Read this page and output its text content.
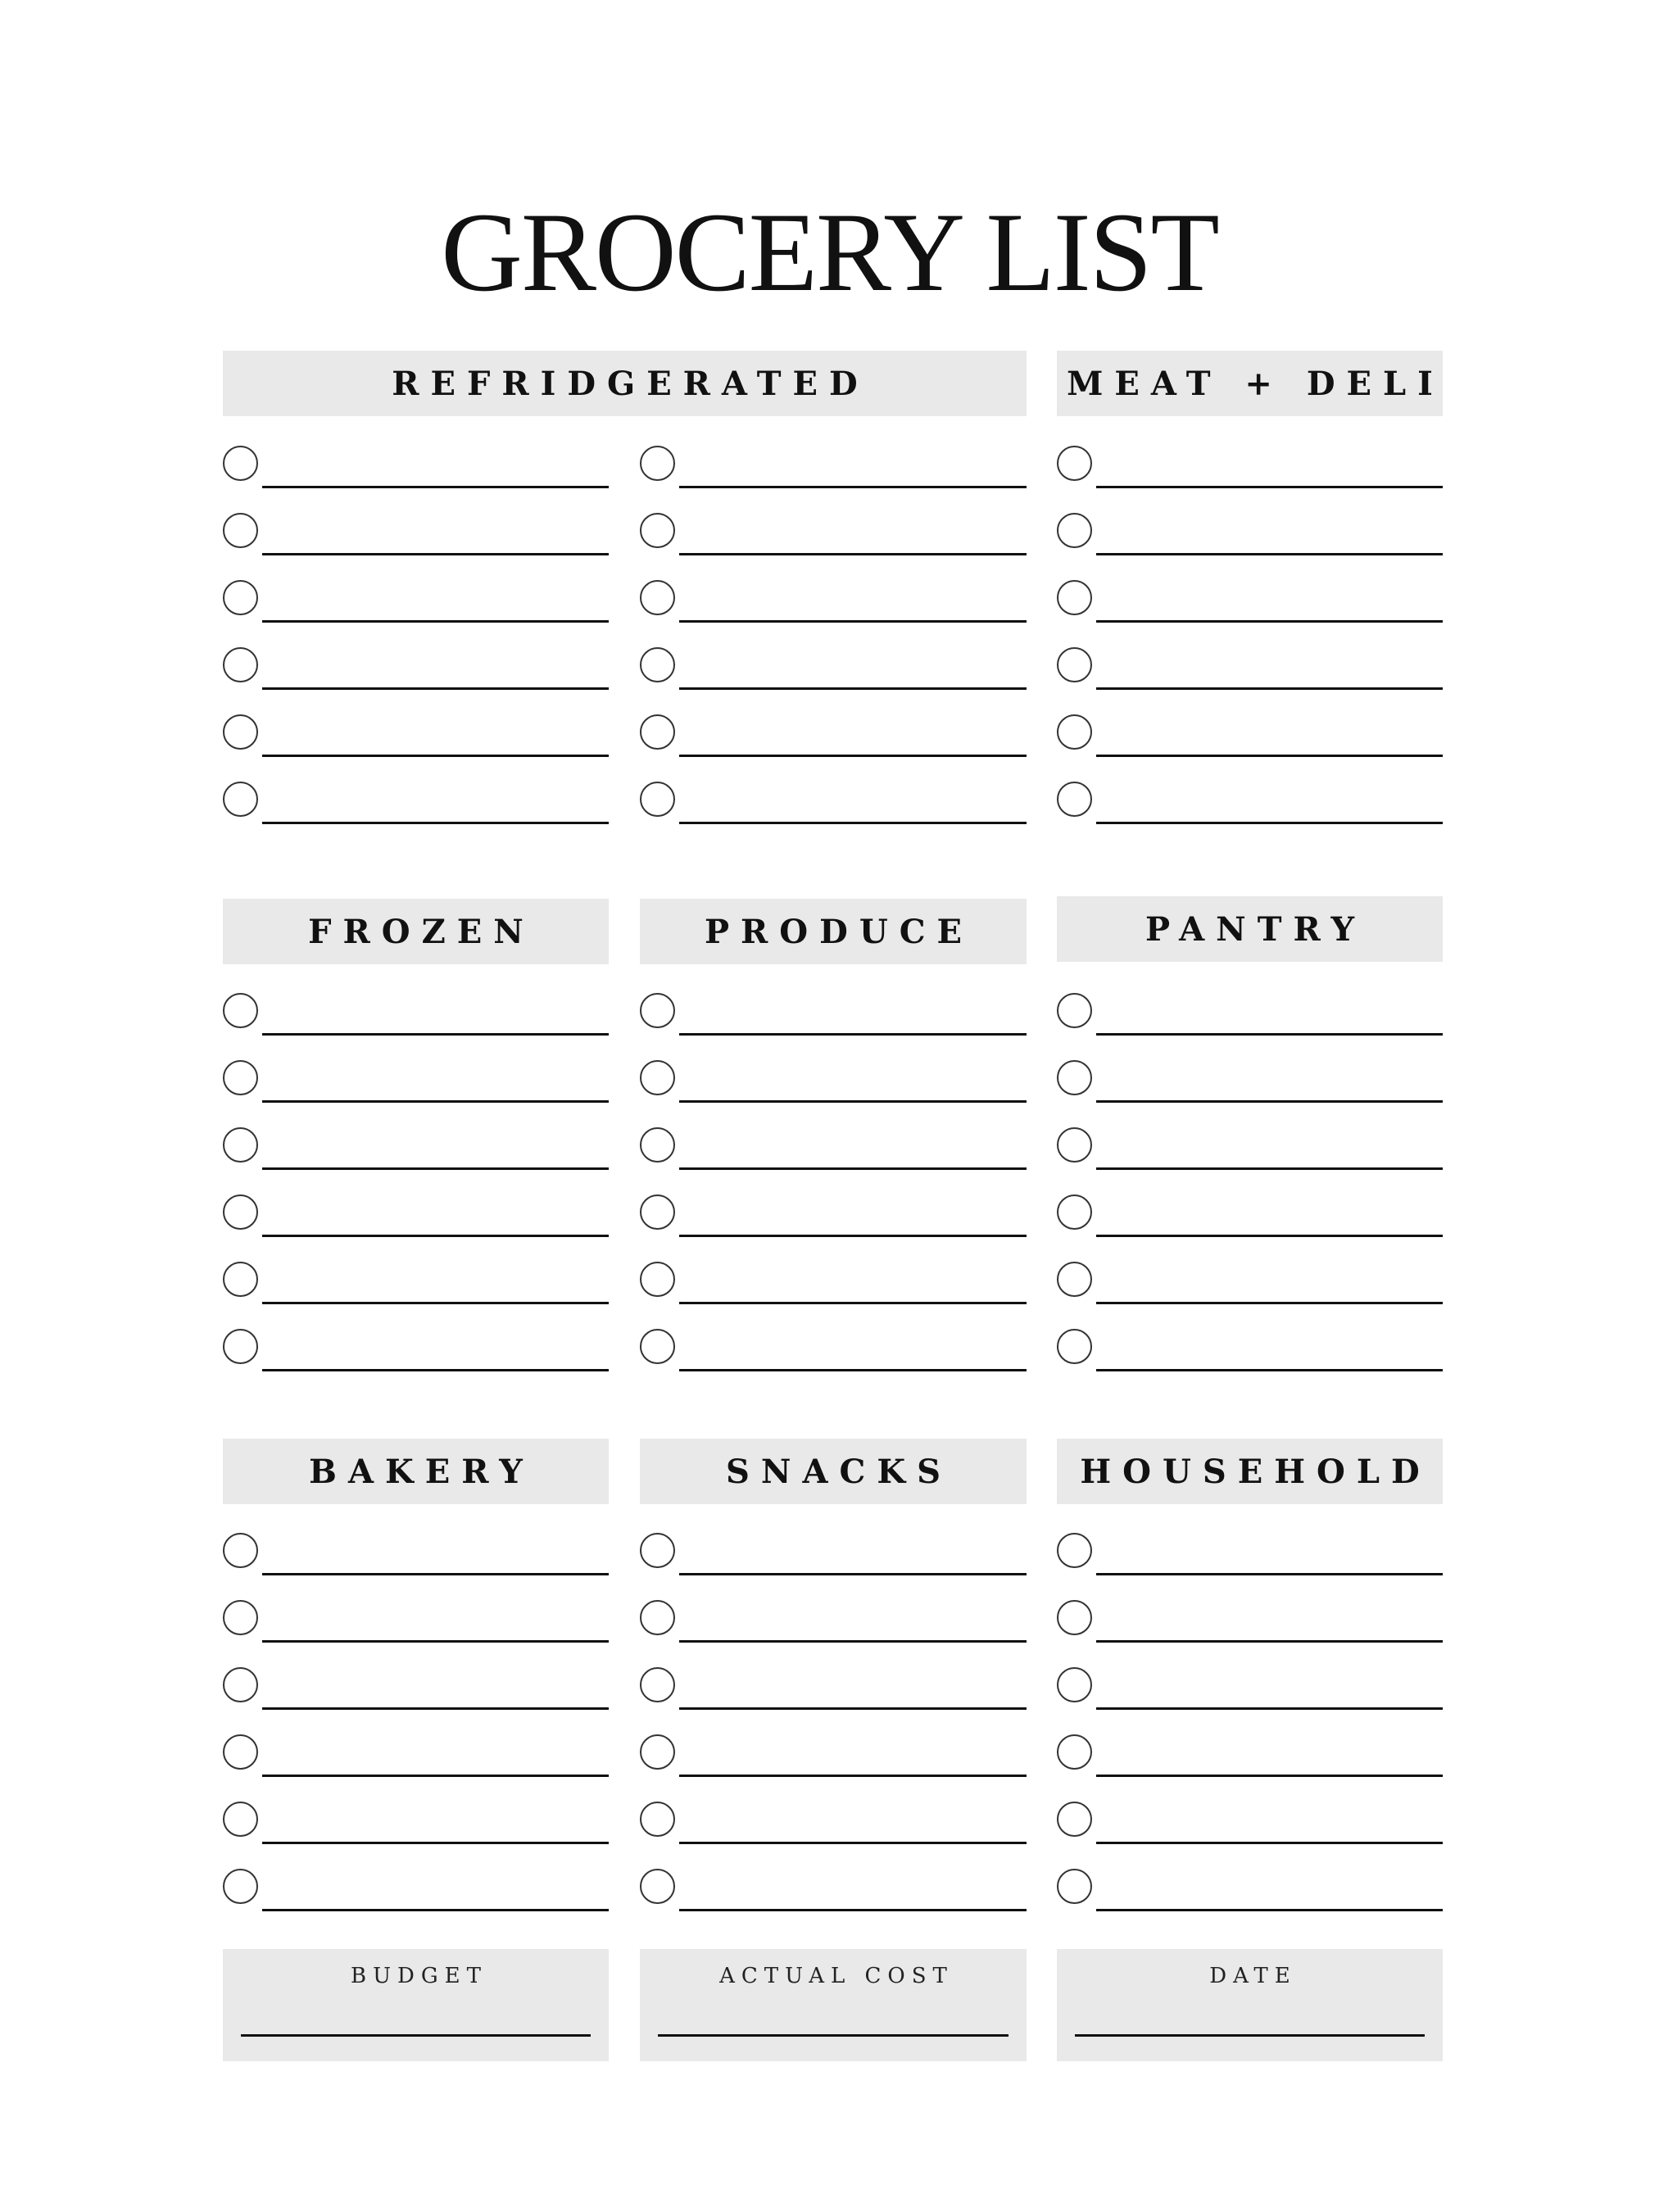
GROCERY LIST
REFRIDGERATED	MEAT + DELI
FROZEN	PRODUCE	PANTRY
BAKERY	SNACKS	HOUSEHOLD
BUDGET	ACTUAL COST	DATE
